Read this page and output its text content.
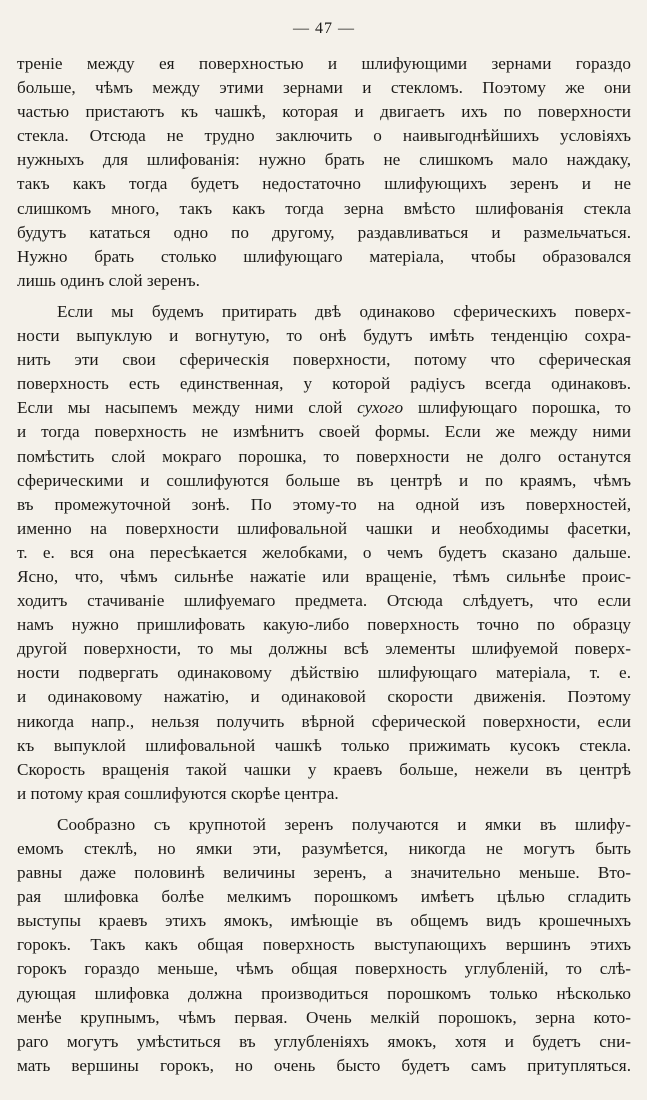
— 47 —
треніе между ея поверхностью и шлифующими зернами гораздо
больше, чѣмъ между этими зернами и стекломъ. Поэтому же они
частью пристаютъ къ чашкѣ, которая и двигаетъ ихъ по поверхности
стекла. Отсюда не трудно заключить о наивыгоднѣйшихъ условіяхъ
нужныхъ для шлифованія: нужно брать не слишкомъ мало наждаку,
такъ какъ тогда будетъ недостаточно шлифующихъ зеренъ и не
слишкомъ много, такъ какъ тогда зерна вмѣсто шлифованія стекла
будутъ кататься одно по другому, раздавливаться и размельчаться.
Нужно брать столько шлифующаго матеріала, чтобы образовался
лишь одинъ слой зеренъ.
Если мы будемъ притирать двѣ одинаково сферическихъ поверх-
ности выпуклую и вогнутую, то онѣ будутъ имѣть тенденцію сохра-
нить эти свои сферическія поверхности, потому что сферическая
поверхность есть единственная, у которой радіусъ всегда одинаковъ.
Если мы насыпемъ между ними слой сухого шлифующаго порошка, то
и тогда поверхность не измѣнитъ своей формы. Если же между ними
помѣстить слой мокраго порошка, то поверхности не долго останутся
сферическими и сошлифуются больше въ центрѣ и по краямъ, чѣмъ
въ промежуточной зонѣ. По этому-то на одной изъ поверхностей,
именно на поверхности шлифовальной чашки и необходимы фасетки,
т. е. вся она пересѣкается желобками, о чемъ будетъ сказано дальше.
Ясно, что, чѣмъ сильнѣе нажатіе или вращеніе, тѣмъ сильнѣе проис-
ходитъ стачиваніе шлифуемаго предмета. Отсюда слѣдуетъ, что если
намъ нужно пришлифовать какую-либо поверхность точно по образцу
другой поверхности, то мы должны всѣ элементы шлифуемой поверх-
ности подвергать одинаковому дѣйствію шлифующаго матеріала, т. е.
и одинаковому нажатію, и одинаковой скорости движенія. Поэтому
никогда напр., нельзя получить вѣрной сферической поверхности, если
къ выпуклой шлифовальной чашкѣ только прижимать кусокъ стекла.
Скорость вращенія такой чашки у краевъ больше, нежели въ центрѣ
и потому края сошлифуются скорѣе центра.
Сообразно съ крупнотой зеренъ получаются и ямки въ шлифу-
емомъ стеклѣ, но ямки эти, разумѣется, никогда не могутъ быть
равны даже половинѣ величины зеренъ, а значительно меньше. Вто-
рая шлифовка болѣе мелкимъ порошкомъ имѣетъ цѣлью сгладить
выступы краевъ этихъ ямокъ, имѣющіе въ общемъ видъ крошечныхъ
горокъ. Такъ какъ общая поверхность выступающихъ вершинъ этихъ
горокъ гораздо меньше, чѣмъ общая поверхность углубленій, то слѣ-
дующая шлифовка должна производиться порошкомъ только нѣсколько
менѣе крупнымъ, чѣмъ первая. Очень мелкій порошокъ, зерна кото-
раго могутъ умѣститься въ углубленіяхъ ямокъ, хотя и будетъ сни-
мать вершины горокъ, но очень бысто будетъ самъ притупляться.
